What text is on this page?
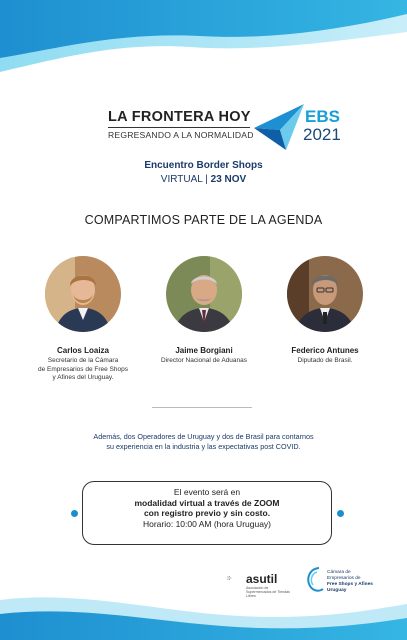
LA FRONTERA HOY
REGRESANDO A LA NORMALIDAD
EBS
2021
Encuentro Border Shops
VIRTUAL | 23 NOV
COMPARTIMOS PARTE DE LA AGENDA
Carlos Loaiza
Secretario de la Cámara
de Empresarios de Free Shops
y Afines del Uruguay.
Jaime Borgiani
Director Nacional de Aduanas
Federico Antunes
Diputado de Brasil.
Además, dos Operadores de Uruguay y dos de Brasil para contarnos
su experiencia en la industria y las expectativas post COVID.
El evento será en
modalidad virtual a través de ZOOM
con registro previo y sin costo.
Horario: 10:00 AM (hora Uruguay)
asutil
Asociación de Supermercados de Tiendas Libres
Cámara de
Empresarios de
Free Shops y Afines
Uruguay
